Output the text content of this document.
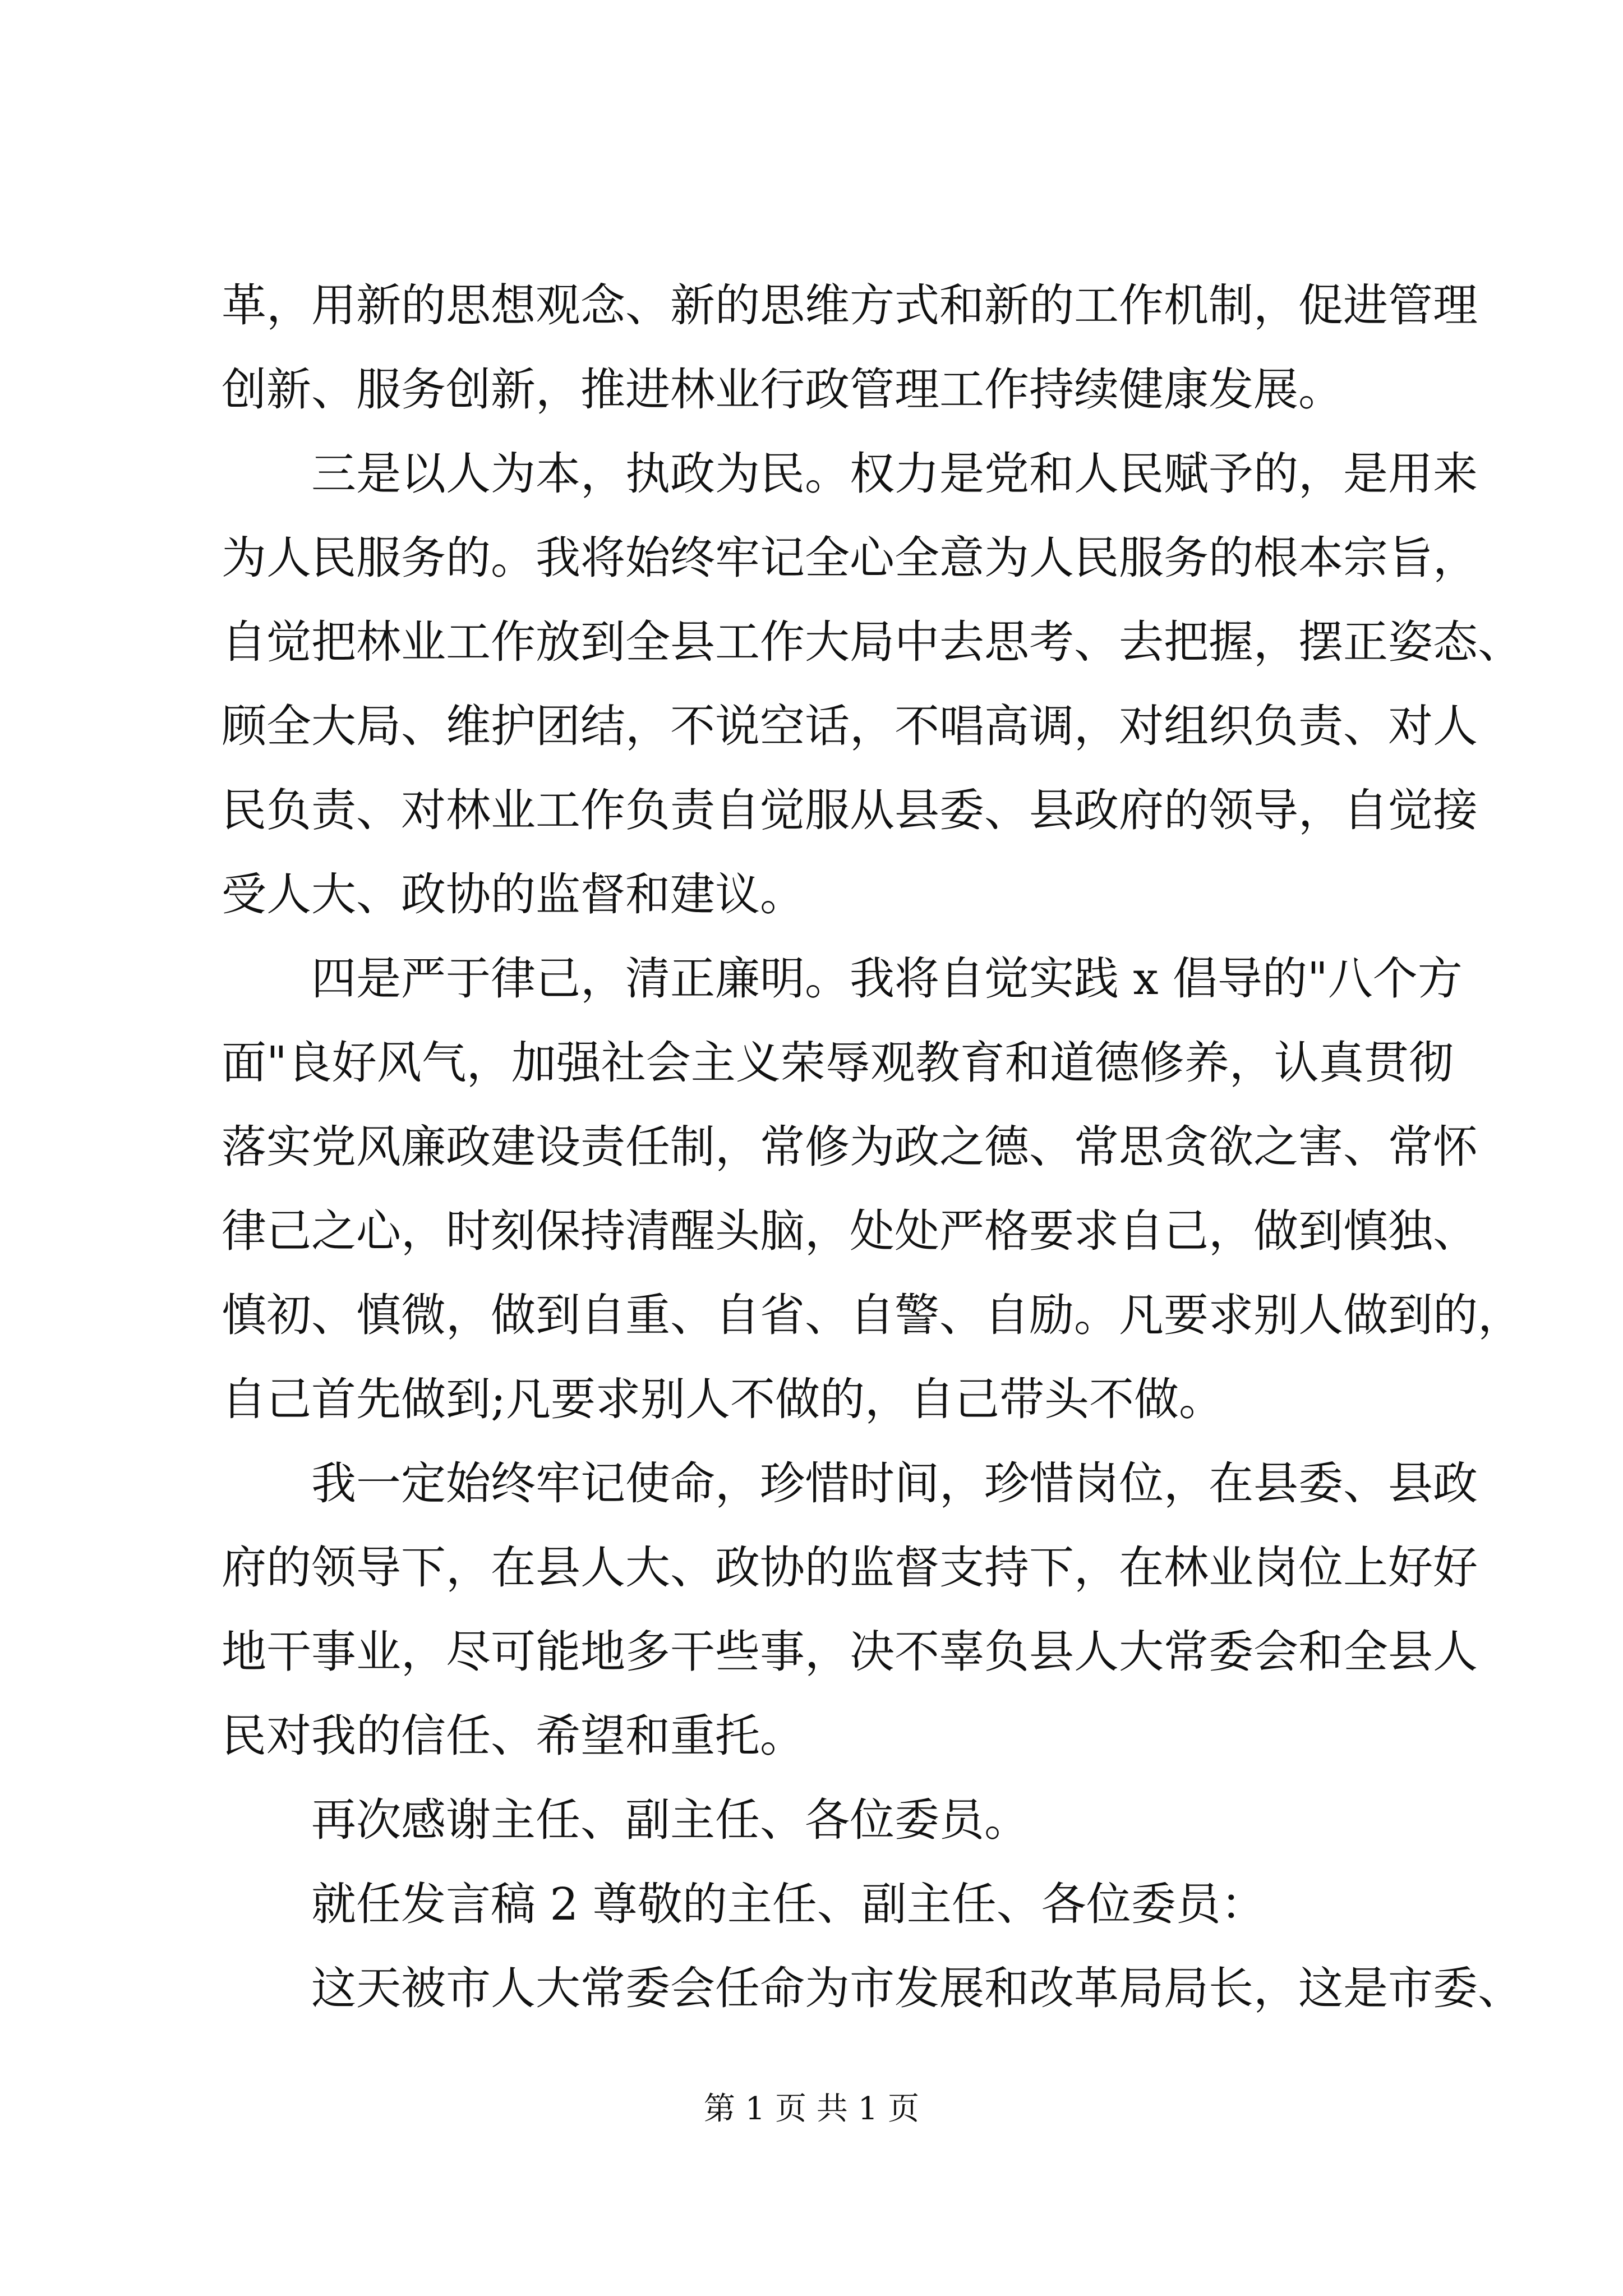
革，用新的思想观念、新的思维方式和新的工作机制，促进管理
创新、服务创新，推进林业行政管理工作持续健康发展。
三是以人为本，执政为民。权力是党和人民赋予的，是用来
为人民服务的。我将始终牢记全心全意为人民服务的根本宗旨，
自觉把林业工作放到全县工作大局中去思考、去把握，摆正姿态、
顾全大局、维护团结，不说空话，不唱高调，对组织负责、对人
民负责、对林业工作负责自觉服从县委、县政府的领导，自觉接
受人大、政协的监督和建议。
四是严于律己，清正廉明。我将自觉实践 x 倡导的"八个方
面"良好风气，加强社会主义荣辱观教育和道德修养，认真贯彻
落实党风廉政建设责任制，常修为政之德、常思贪欲之害、常怀
律己之心，时刻保持清醒头脑，处处严格要求自己，做到慎独、
慎初、慎微，做到自重、自省、自警、自励。凡要求别人做到的，
自己首先做到;凡要求别人不做的，自己带头不做。
我一定始终牢记使命，珍惜时间，珍惜岗位，在县委、县政
府的领导下，在县人大、政协的监督支持下，在林业岗位上好好
地干事业，尽可能地多干些事，决不辜负县人大常委会和全县人
民对我的信任、希望和重托。
再次感谢主任、副主任、各位委员。
就任发言稿 2 尊敬的主任、副主任、各位委员：
这天被市人大常委会任命为市发展和改革局局长，这是市委、
第 1 页 共 1 页
